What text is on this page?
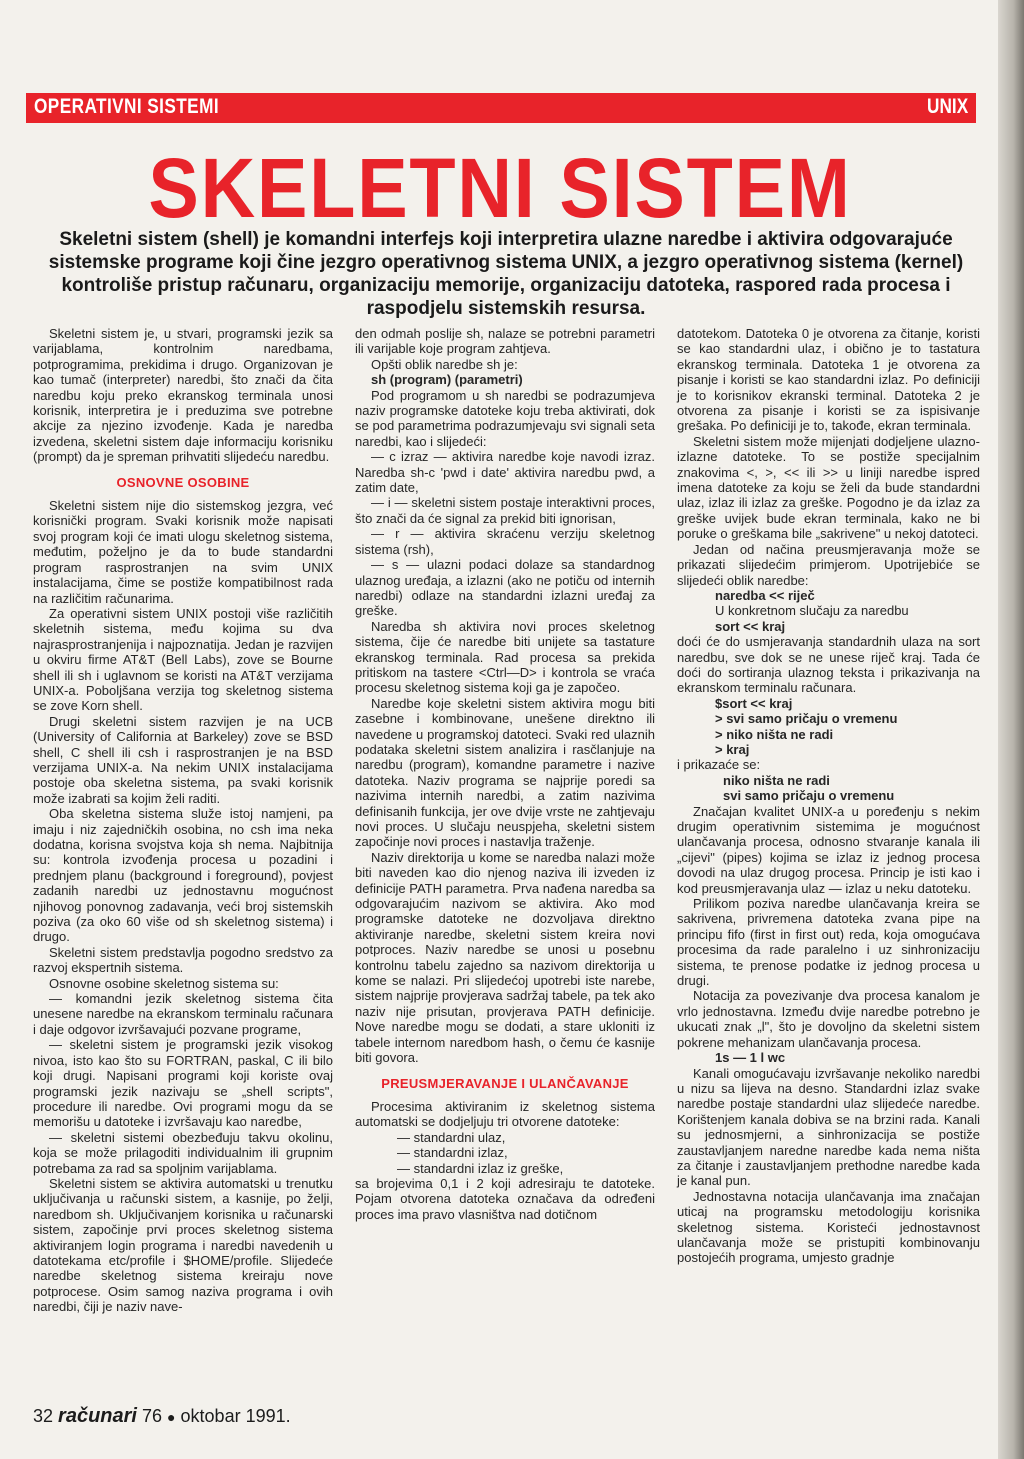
OPERATIVNI SISTEMI	UNIX
SKELETNI SISTEM
Skeletni sistem (shell) je komandni interfejs koji interpretira ulazne naredbe i aktivira odgovarajuće sistemske programe koji čine jezgro operativnog sistema UNIX, a jezgro operativnog sistema (kernel) kontroliše pristup računaru, organizaciju memorije, organizaciju datoteka, raspored rada procesa i raspodjelu sistemskih resursa.

Skeletni sistem je, u stvari, programski jezik sa varijablama, kontrolnim naredbama, potprogramima, prekidima i drugo. Organizovan je kao tumač (interpreter) naredbi, što znači da čita naredbu koju preko ekranskog terminala unosi korisnik, interpretira je i preduzima sve potrebne akcije za njezino izvođenje. Kada je naredba izvedena, skeletni sistem daje informaciju korisniku (prompt) da je spreman prihvatiti slijedeću naredbu.

OSNOVNE OSOBINE

Skeletni sistem nije dio sistemskog jezgra, već korisnički program. Svaki korisnik može napisati svoj program koji će imati ulogu skeletnog sistema, međutim, poželjno je da to bude standardni program rasprostranjen na svim UNIX instalacijama, čime se postiže kompatibilnost rada na različitim računarima.

Za operativni sistem UNIX postoji više različitih skeletnih sistema, među kojima su dva najrasprostranjenija i najpoznatija. Jedan je razvijen u okviru firme AT&T (Bell Labs), zove se Bourne shell ili sh i uglavnom se koristi na AT&T verzijama UNIX-a. Poboljšana verzija tog skeletnog sistema se zove Korn shell.

Drugi skeletni sistem razvijen je na UCB (University of California at Barkeley) zove se BSD shell, C shell ili csh i rasprostranjen je na BSD verzijama UNIX-a. Na nekim UNIX instalacijama postoje oba skeletna sistema, pa svaki korisnik može izabrati sa kojim želi raditi.

Oba skeletna sistema služe istoj namjeni, pa imaju i niz zajedničkih osobina, no csh ima neka dodatna, korisna svojstva koja sh nema. Najbitnija su: kontrola izvođenja procesa u pozadini i prednjem planu (background i foreground), povjest zadanih naredbi uz jednostavnu mogućnost njihovog ponovnog zadavanja, veći broj sistemskih poziva (za oko 60 više od sh skeletnog sistema) i drugo.

Skeletni sistem predstavlja pogodno sredstvo za razvoj ekspertnih sistema.

Osnovne osobine skeletnog sistema su:

— komandni jezik skeletnog sistema čita unesene naredbe na ekranskom terminalu računara i daje odgovor izvršavajući pozvane programe,

— skeletni sistem je programski jezik visokog nivoa, isto kao što su FORTRAN, paskal, C ili bilo koji drugi. Napisani programi koji koriste ovaj programski jezik nazivaju se „shell scripts", procedure ili naredbe. Ovi programi mogu da se memorišu u datoteke i izvršavaju kao naredbe,

— skeletni sistemi obezbeđuju takvu okolinu, koja se može prilagoditi individualnim ili grupnim potrebama za rad sa spoljnim varijablama.

Skeletni sistem se aktivira automatski u trenutku uključivanja u računski sistem, a kasnije, po želji, naredbom sh. Uključivanjem korisnika u računarski sistem, započinje prvi proces skeletnog sistema aktiviranjem login programa i naredbi navedenih u datotekama etc/profile i $HOME/profile. Slijedeće naredbe skeletnog sistema kreiraju nove potprocese. Osim samog naziva programa i ovih naredbi, čiji je naziv nave-

den odmah poslije sh, nalaze se potrebni parametri ili varijable koje program zahtjeva.

Opšti oblik naredbe sh je:

sh (program) (parametri)

Pod programom u sh naredbi se podrazumjeva naziv programske datoteke koju treba aktivirati, dok se pod parametrima podrazumjevaju svi signali seta naredbi, kao i slijedeći:

— c izraz — aktivira naredbe koje navodi izraz. Naredba sh-c 'pwd i date' aktivira naredbu pwd, a zatim date,

— i — skeletni sistem postaje interaktivni proces, što znači da će signal za prekid biti ignorisan,

— r — aktivira skraćenu verziju skeletnog sistema (rsh),

— s — ulazni podaci dolaze sa standardnog ulaznog uređaja, a izlazni (ako ne potiču od internih naredbi) odlaze na standardni izlazni uređaj za greške.

Naredba sh aktivira novi proces skeletnog sistema, čije će naredbe biti unijete sa tastature ekranskog terminala. Rad procesa sa prekida pritiskom na tastere <Ctrl—D> i kontrola se vraća procesu skeletnog sistema koji ga je započeo.

Naredbe koje skeletni sistem aktivira mogu biti zasebne i kombinovane, unešene direktno ili navedene u programskoj datoteci. Svaki red ulaznih podataka skeletni sistem analizira i rasčlanjuje na naredbu (program), komandne parametre i nazive datoteka. Naziv programa se najprije poredi sa nazivima internih naredbi, a zatim nazivima definisanih funkcija, jer ove dvije vrste ne zahtjevaju novi proces. U slučaju neuspjeha, skeletni sistem započinje novi proces i nastavlja traženje.

Naziv direktorija u kome se naredba nalazi može biti naveden kao dio njenog naziva ili izveden iz definicije PATH parametra. Prva nađena naredba sa odgovarajućim nazivom se aktivira. Ako mod programske datoteke ne dozvoljava direktno aktiviranje naredbe, skeletni sistem kreira novi potproces. Naziv naredbe se unosi u posebnu kontrolnu tabelu zajedno sa nazivom direktorija u kome se nalazi. Pri slijedećoj upotrebi iste narebe, sistem najprije provjerava sadržaj tabele, pa tek ako naziv nije prisutan, provjerava PATH definicije. Nove naredbe mogu se dodati, a stare ukloniti iz tabele internom naredbom hash, o čemu će kasnije biti govora.

PREUSMJERAVANJE I ULANČAVANJE

Procesima aktiviranim iz skeletnog sistema automatski se dodjeljuju tri otvorene datoteke:

— standardni ulaz,

— standardni izlaz,

— standardni izlaz iz greške,

sa brojevima 0,1 i 2 koji adresiraju te datoteke. Pojam otvorena datoteka označava da određeni proces ima pravo vlasništva nad dotičnom

datotekom. Datoteka 0 je otvorena za čitanje, koristi se kao standardni ulaz, i obično je to tastatura ekranskog terminala. Datoteka 1 je otvorena za pisanje i koristi se kao standardni izlaz. Po definiciji je to korisnikov ekranski terminal. Datoteka 2 je otvorena za pisanje i koristi se za ispisivanje grešaka. Po definiciji je to, takođe, ekran terminala.

Skeletni sistem može mijenjati dodjeljene ulazno-izlazne datoteke. To se postiže specijalnim znakovima <, >, << ili >> u liniji naredbe ispred imena datoteke za koju se želi da bude standardni ulaz, izlaz ili izlaz za greške. Pogodno je da izlaz za greške uvijek bude ekran terminala, kako ne bi poruke o greškama bile „sakrivene" u nekoj datoteci.

Jedan od načina preusmjeravanja može se prikazati slijedećim primjerom. Upotrijebiće se slijedeći oblik naredbe:

naredba << riječ

U konkretnom slučaju za naredbu

sort << kraj

doći će do usmjeravanja standardnih ulaza na sort naredbu, sve dok se ne unese riječ kraj. Tada će doći do sortiranja ulaznog teksta i prikazivanja na ekranskom terminalu računara.

$sort << kraj

> svi samo pričaju o vremenu

> niko ništa ne radi

> kraj

i prikazaće se:

niko ništa ne radi

svi samo pričaju o vremenu

Značajan kvalitet UNIX-a u poređenju s nekim drugim operativnim sistemima je mogućnost ulančavanja procesa, odnosno stvaranje kanala ili „cijevi" (pipes) kojima se izlaz iz jednog procesa dovodi na ulaz drugog procesa. Princip je isti kao i kod preusmjeravanja ulaz — izlaz u neku datoteku.

Prilikom poziva naredbe ulančavanja kreira se sakrivena, privremena datoteka zvana pipe na principu fifo (first in first out) reda, koja omogućava procesima da rade paralelno i uz sinhronizaciju sistema, te prenose podatke iz jednog procesa u drugi.

Notacija za povezivanje dva procesa kanalom je vrlo jednostavna. Između dvije naredbe potrebno je ukucati znak „l", što je dovoljno da skeletni sistem pokrene mehanizam ulančavanja procesa.

1s — 1 l wc

Kanali omogućavaju izvršavanje nekoliko naredbi u nizu sa lijeva na desno. Standardni izlaz svake naredbe postaje standardni ulaz slijedeće naredbe. Korištenjem kanala dobiva se na brzini rada. Kanali su jednosmjerni, a sinhronizacija se postiže zaustavljanjem naredne naredbe kada nema ništa za čitanje i zaustavljanjem prethodne naredbe kada je kanal pun.

Jednostavna notacija ulančavanja ima značajan uticaj na programsku metodologiju korisnika skeletnog sistema. Koristeći jednostavnost ulančavanja može se pristupiti kombinovanju postojećih programa, umjesto gradnje

32 računari 76 ● oktobar 1991.
